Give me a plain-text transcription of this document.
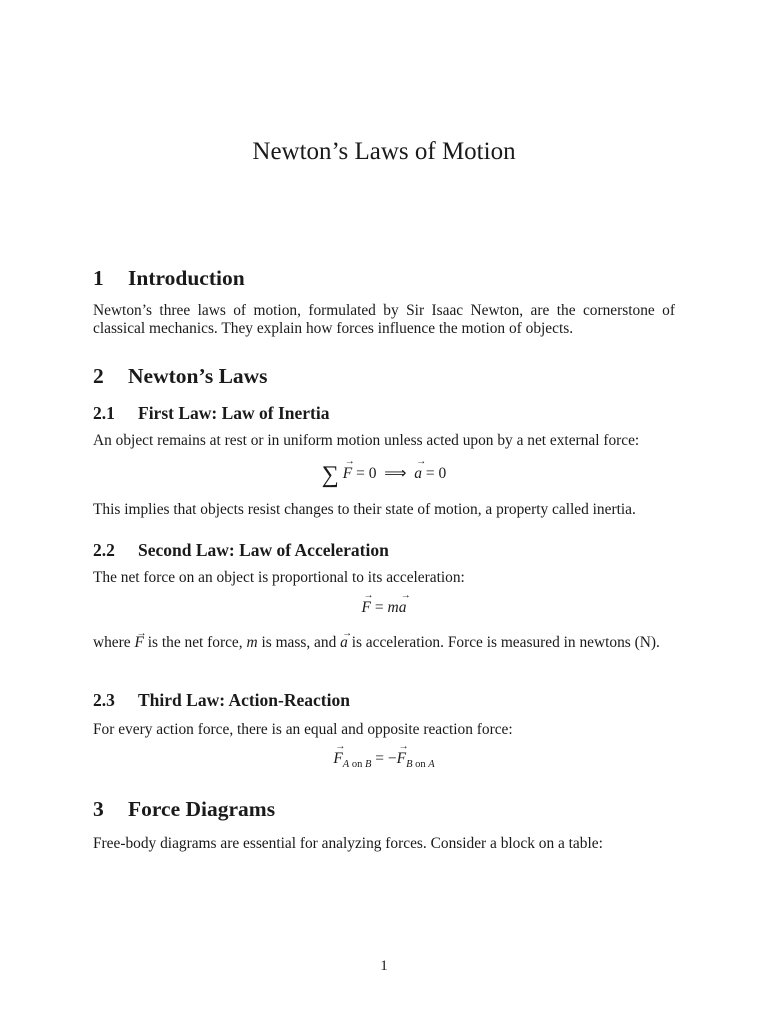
Newton’s Laws of Motion
1 Introduction

Newton’s three laws of motion, formulated by Sir Isaac Newton, are the cornerstone of classical mechanics. They explain how forces influence the motion of objects.

2 Newton’s Laws
2.1 First Law: Law of Inertia

An object remains at rest or in uniform motion unless acted upon by a net external force:

∑ → F = 0  ⟹  → a = 0

This implies that objects resist changes to their state of motion, a property called inertia.

2.2 Second Law: Law of Acceleration

The net force on an object is proportional to its acceleration:

→ F = m→ a

where → F is the net force, m is mass, and → a is acceleration. Force is measured in newtons (N).

2.3 Third Law: Action-Reaction

For every action force, there is an equal and opposite reaction force:

→ $F_{A on B}$ = −→ $F_{B on A}$
3 Force Diagrams

Free-body diagrams are essential for analyzing forces. Consider a block on a table:

1
